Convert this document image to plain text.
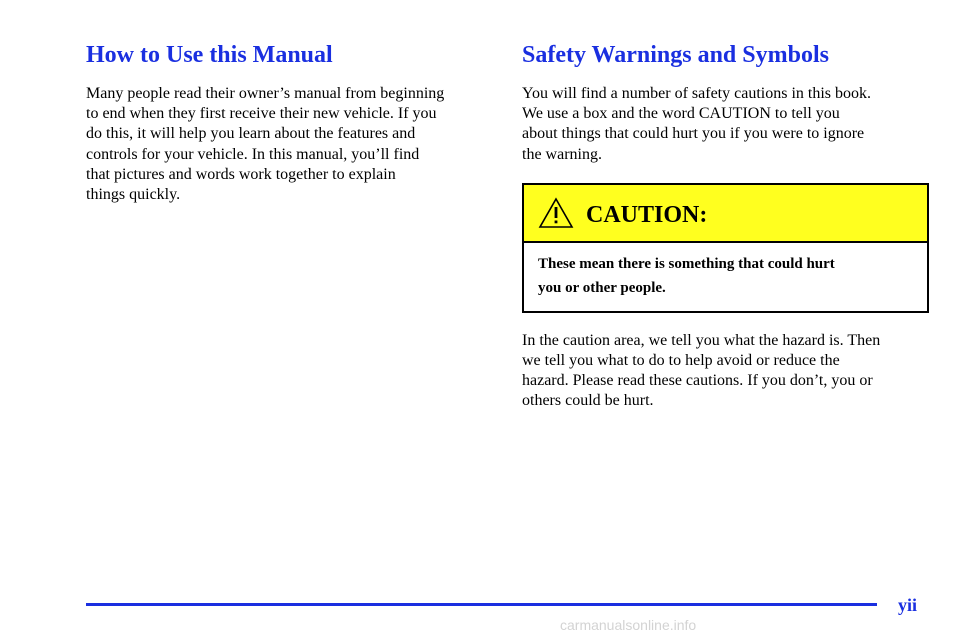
How to Use this Manual

Many people read their owner’s manual from beginning
to end when they first receive their new vehicle. If you
do this, it will help you learn about the features and
controls for your vehicle. In this manual, you’ll find
that pictures and words work together to explain
things quickly.

Safety Warnings and Symbols

You will find a number of safety cautions in this book.
We use a box and the word CAUTION to tell you
about things that could hurt you if you were to ignore
the warning.

CAUTION:
These mean there is something that could hurt
you or other people.

In the caution area, we tell you what the hazard is. Then
we tell you what to do to help avoid or reduce the
hazard. Please read these cautions. If you don’t, you or
others could be hurt.

yii
carmanualsonline.info
